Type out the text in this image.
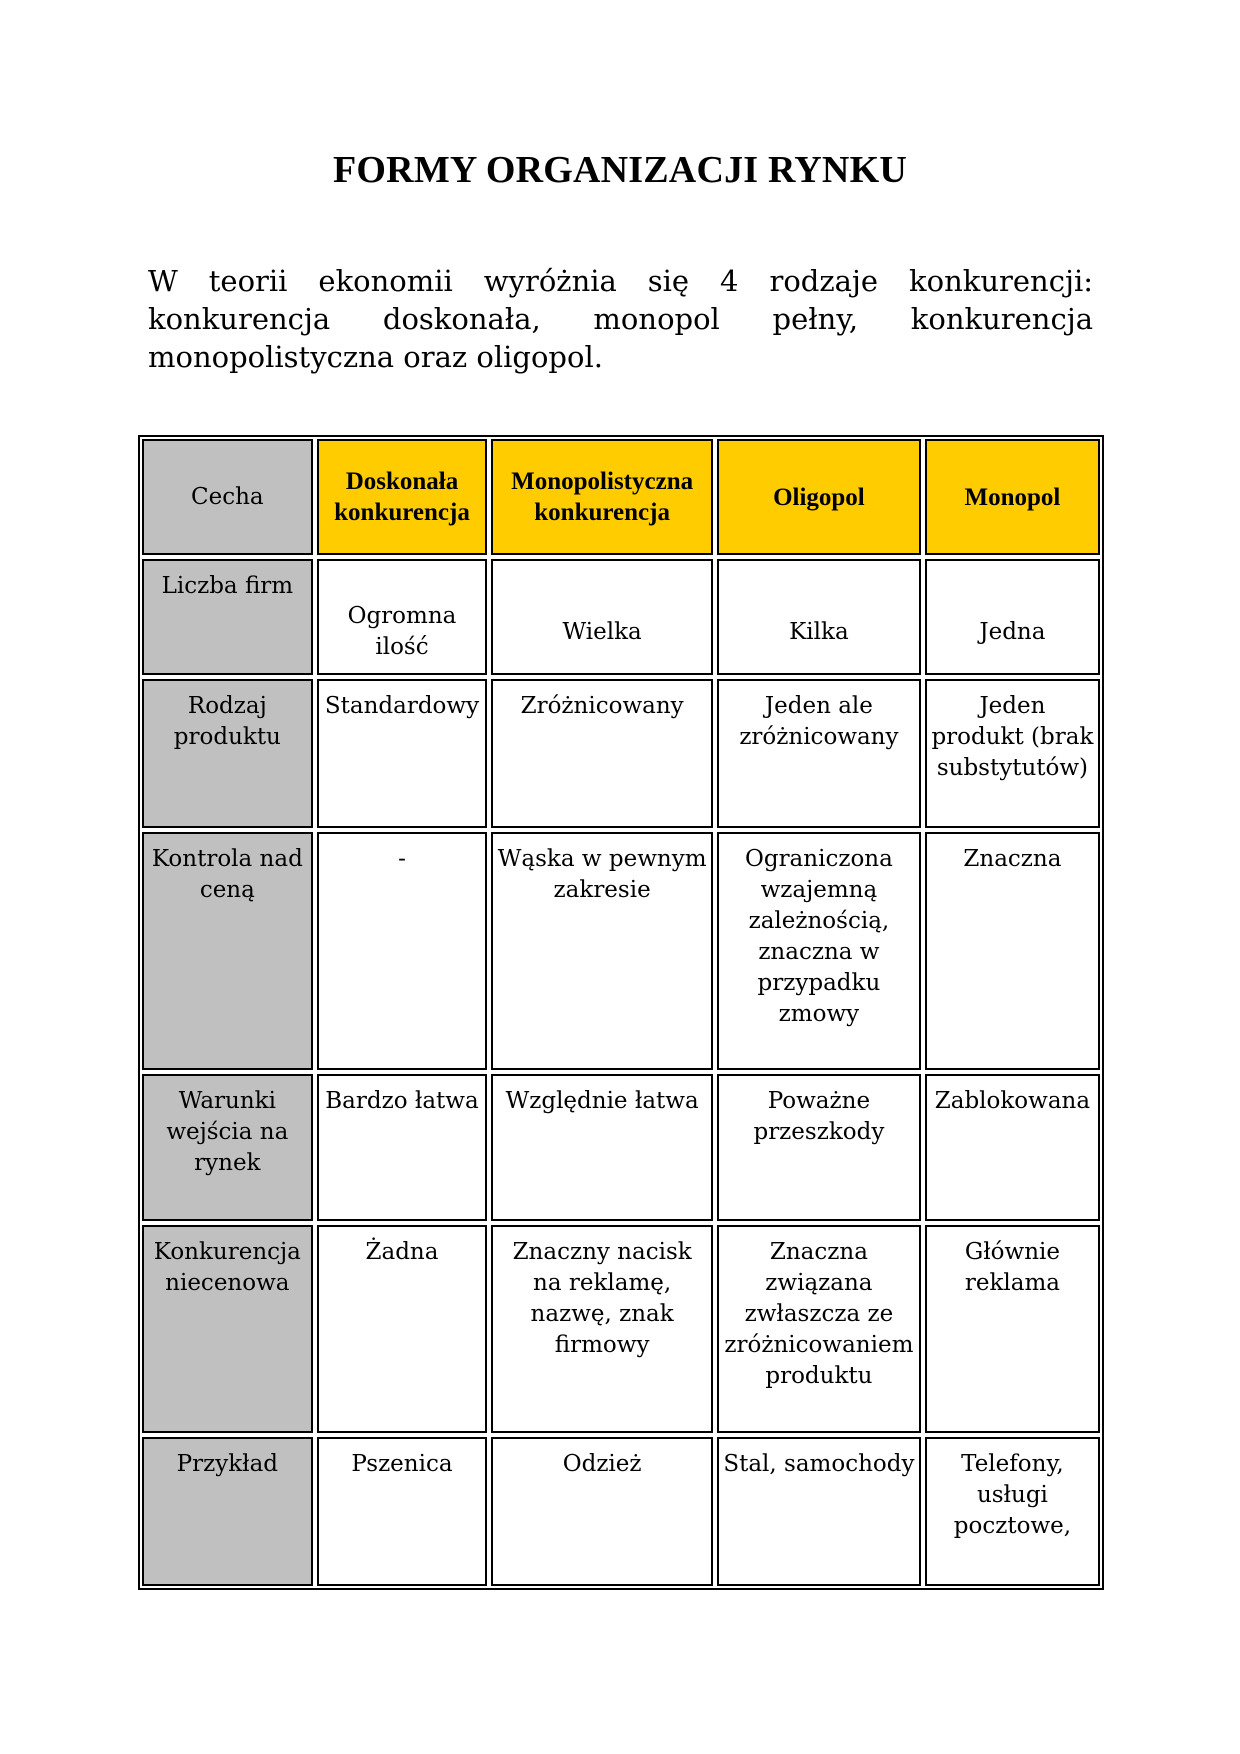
FORMY ORGANIZACJI RYNKU
W teorii ekonomii wyróżnia się 4 rodzaje konkurencji: konkurencja doskonała, monopol pełny, konkurencja monopolistyczna oraz oligopol.
Cecha	Doskonała konkurencja	Monopolistyczna konkurencja	Oligopol	Monopol
Liczba firm	Ogromna ilość	Wielka	Kilka	Jedna
Rodzaj produktu	Standardowy	Zróżnicowany	Jeden ale zróżnicowany	Jeden produkt (brak substytutów)
Kontrola nad ceną	-	Wąska w pewnym zakresie	Ograniczona wzajemną zależnością, znaczna w przypadku zmowy	Znaczna
Warunki wejścia na rynek	Bardzo łatwa	Względnie łatwa	Poważne przeszkody	Zablokowana
Konkurencja niecenowa	Żadna	Znaczny nacisk na reklamę, nazwę, znak firmowy	Znaczna związana zwłaszcza ze zróżnicowaniem produktu	Głównie reklama
Przykład	Pszenica	Odzież	Stal, samochody	Telefony, usługi pocztowe,
